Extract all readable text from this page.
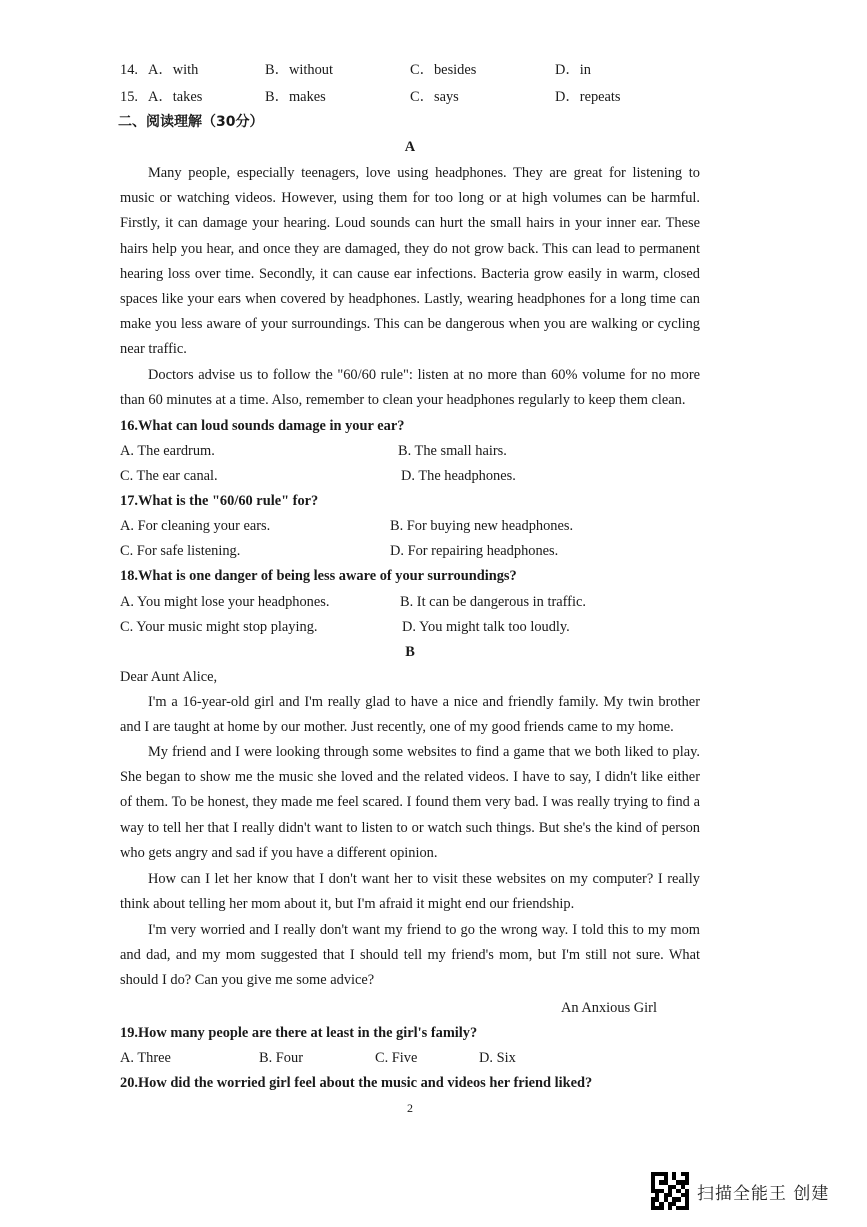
14. A．with	B．without	C．besides	D．in
15. A．takes	B．makes	C．says	D．repeats
二、阅读理解（30分）
A
Many people, especially teenagers, love using headphones. They are great for listening to music or watching videos. However, using them for too long or at high volumes can be harmful. Firstly, it can damage your hearing. Loud sounds can hurt the small hairs in your inner ear. These hairs help you hear, and once they are damaged, they do not grow back. This can lead to permanent hearing loss over time. Secondly, it can cause ear infections. Bacteria grow easily in warm, closed spaces like your ears when covered by headphones. Lastly, wearing headphones for a long time can make you less aware of your surroundings. This can be dangerous when you are walking or cycling near traffic.
Doctors advise us to follow the "60/60 rule": listen at no more than 60% volume for no more than 60 minutes at a time. Also, remember to clean your headphones regularly to keep them clean.
16.What can loud sounds damage in your ear?
A. The eardrum.	B. The small hairs.
C. The ear canal.	D. The headphones.
17.What is the "60/60 rule" for?
A. For cleaning your ears.	B. For buying new headphones.
C. For safe listening.	D. For repairing headphones.
18.What is one danger of being less aware of your surroundings?
A. You might lose your headphones.	B. It can be dangerous in traffic.
C. Your music might stop playing.	D. You might talk too loudly.
B
Dear Aunt Alice,
I'm a 16-year-old girl and I'm really glad to have a nice and friendly family. My twin brother and I are taught at home by our mother. Just recently, one of my good friends came to my home.
My friend and I were looking through some websites to find a game that we both liked to play. She began to show me the music she loved and the related videos. I have to say, I didn't like either of them. To be honest, they made me feel scared. I found them very bad. I was really trying to find a way to tell her that I really didn't want to listen to or watch such things. But she's the kind of person who gets angry and sad if you have a different opinion.
How can I let her know that I don't want her to visit these websites on my computer? I really think about telling her mom about it, but I'm afraid it might end our friendship.
I'm very worried and I really don't want my friend to go the wrong way. I told this to my mom and dad, and my mom suggested that I should tell my friend's mom, but I'm still not sure. What should I do? Can you give me some advice?
An Anxious Girl
19.How many people are there at least in the girl's family?
A. Three	B. Four	C. Five	D. Six
20.How did the worried girl feel about the music and videos her friend liked?
2
扫描全能王 创建
